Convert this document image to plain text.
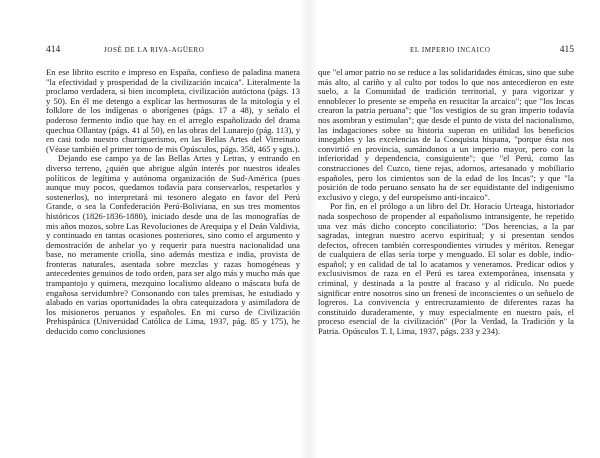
414	JOSÉ DE LA RIVA-AGÜERO

En ese librito escrito e impreso en España, confieso de paladina manera "la efectividad y prosperidad de la civilización incaica". Literalmente la proclamo verdadera, si bien incompleta, civilización autóctona (págs. 13 y 50). En él me detengo a explicar las hermosuras de la mitología y el folklore de los indígenas o aborígenes (págs. 17 a 48), y señalo el poderoso fermento indio que hay en el arreglo españolizado del drama quechua Ollantay (págs. 41 al 50), en las obras del Lunarejo (pág. 113), y en casi todo nuestro churriguerismo, en las Bellas Artes del Virreinato (Véase también el primer tomo de mis Opúsculos, págs. 358, 465 y sgts.).

Dejando ese campo ya de las Bellas Artes y Letras, y entrando en diverso terreno, ¿quién que abrigue algún interés por nuestros ideales políticos de legítima y autónoma organización de Sud-América (pues aunque muy pocos, quedamos todavía para conservarlos, respetarlos y sostenerlos), no interpretará mi tesonero alegato en favor del Perú Grande, o sea la Confederación Perú-Boliviana, en sus tres momentos históricos (1826-1836-1880), iniciado desde una de las monografías de mis años mozos, sobre Las Revoluciones de Arequipa y el Deán Valdivia, y continuado en tantas ocasiones posteriores, sino como el argumento y demostración de anhelar yo y requerir para nuestra nacionalidad una base, no meramente criolla, sino además mestiza e india, provista de fronteras naturales, asentada sobre mezclas y razas homogéneas y antecedentes genuinos de todo orden, para ser algo más y mucho más que trampantojo y quimera, mezquino localismo aldeano o máscara bufa de engañosa servidumbre? Consonando con tales premisas, he estudiado y alabado en varias oportunidades la obra catequizadora y asimiladora de los misioneros peruanos y españoles. En mi curso de Civilización Prehispánica (Universidad Católica de Lima, 1937, pág. 85 y 175), he deducido como conclusiones

EL IMPERIO INCAICO	415

que "el amor patrio no se reduce a las solidaridades étnicas, sino que sube más alto, al cariño y al culto por todos lo que nos antecedieron en este suelo, a la Comunidad de tradición territorial, y para vigorizar y ennoblecer lo presente se empeña en resucitar la arcaico"; que "los Incas crearon la patria peruana"; que "los vestigios de su gran imperio todavía nos asombran y estimulan"; que desde el punto de vista del nacionalismo, las indagaciones sobre su historia superan en utilidad los beneficios innegables y las excelencias de la Conquista hispana, "porque ésta nos convirtió en provincia, sumándonos a un imperio mayor, pero con la inferioridad y dependencia, consiguiente"; que "el Perú, como las construcciones del Cuzco, tiene rejas, adornos, artesanado y mobiliario españoles, pero los cimientos son de la edad de los Incas"; y que "la posición de todo peruano sensato ha de ser equidistante del indigenismo exclusivo y ciego, y del europeísmo anti-incaico".

Por fin, en el prólogo a un libro del Dr. Horacio Urteaga, historiador nada sospechoso de propender al españolismo intransigente, he repetido una vez más dicho concepto conciliatorio: "Dos herencias, a la par sagradas, integran nuestro acervo espiritual; y si presentan sendos defectos, ofrecen también correspondientes virtudes y méritos. Renegar de cualquiera de ellas sería torpe y menguado. El solar es doble, indio-español; y en calidad de tal lo acatamos y veneramos. Predicar odios y exclusivismos de raza en el Perú es tarea extemporánea, insensata y criminal, y destinada a la postre al fracaso y al ridículo. No puede significar entre nosotros sino un frenesí de inconscientes o un señuelo de logreros. La convivencia y entrecruzamiento de diferentes razas ha constituido duraderamente, y muy especialmente en nuestro país, el proceso esencial de la civilización" (Por la Verdad, la Tradición y la Patria. Opúsculos T. I, Lima, 1937, págs. 233 y 234).
